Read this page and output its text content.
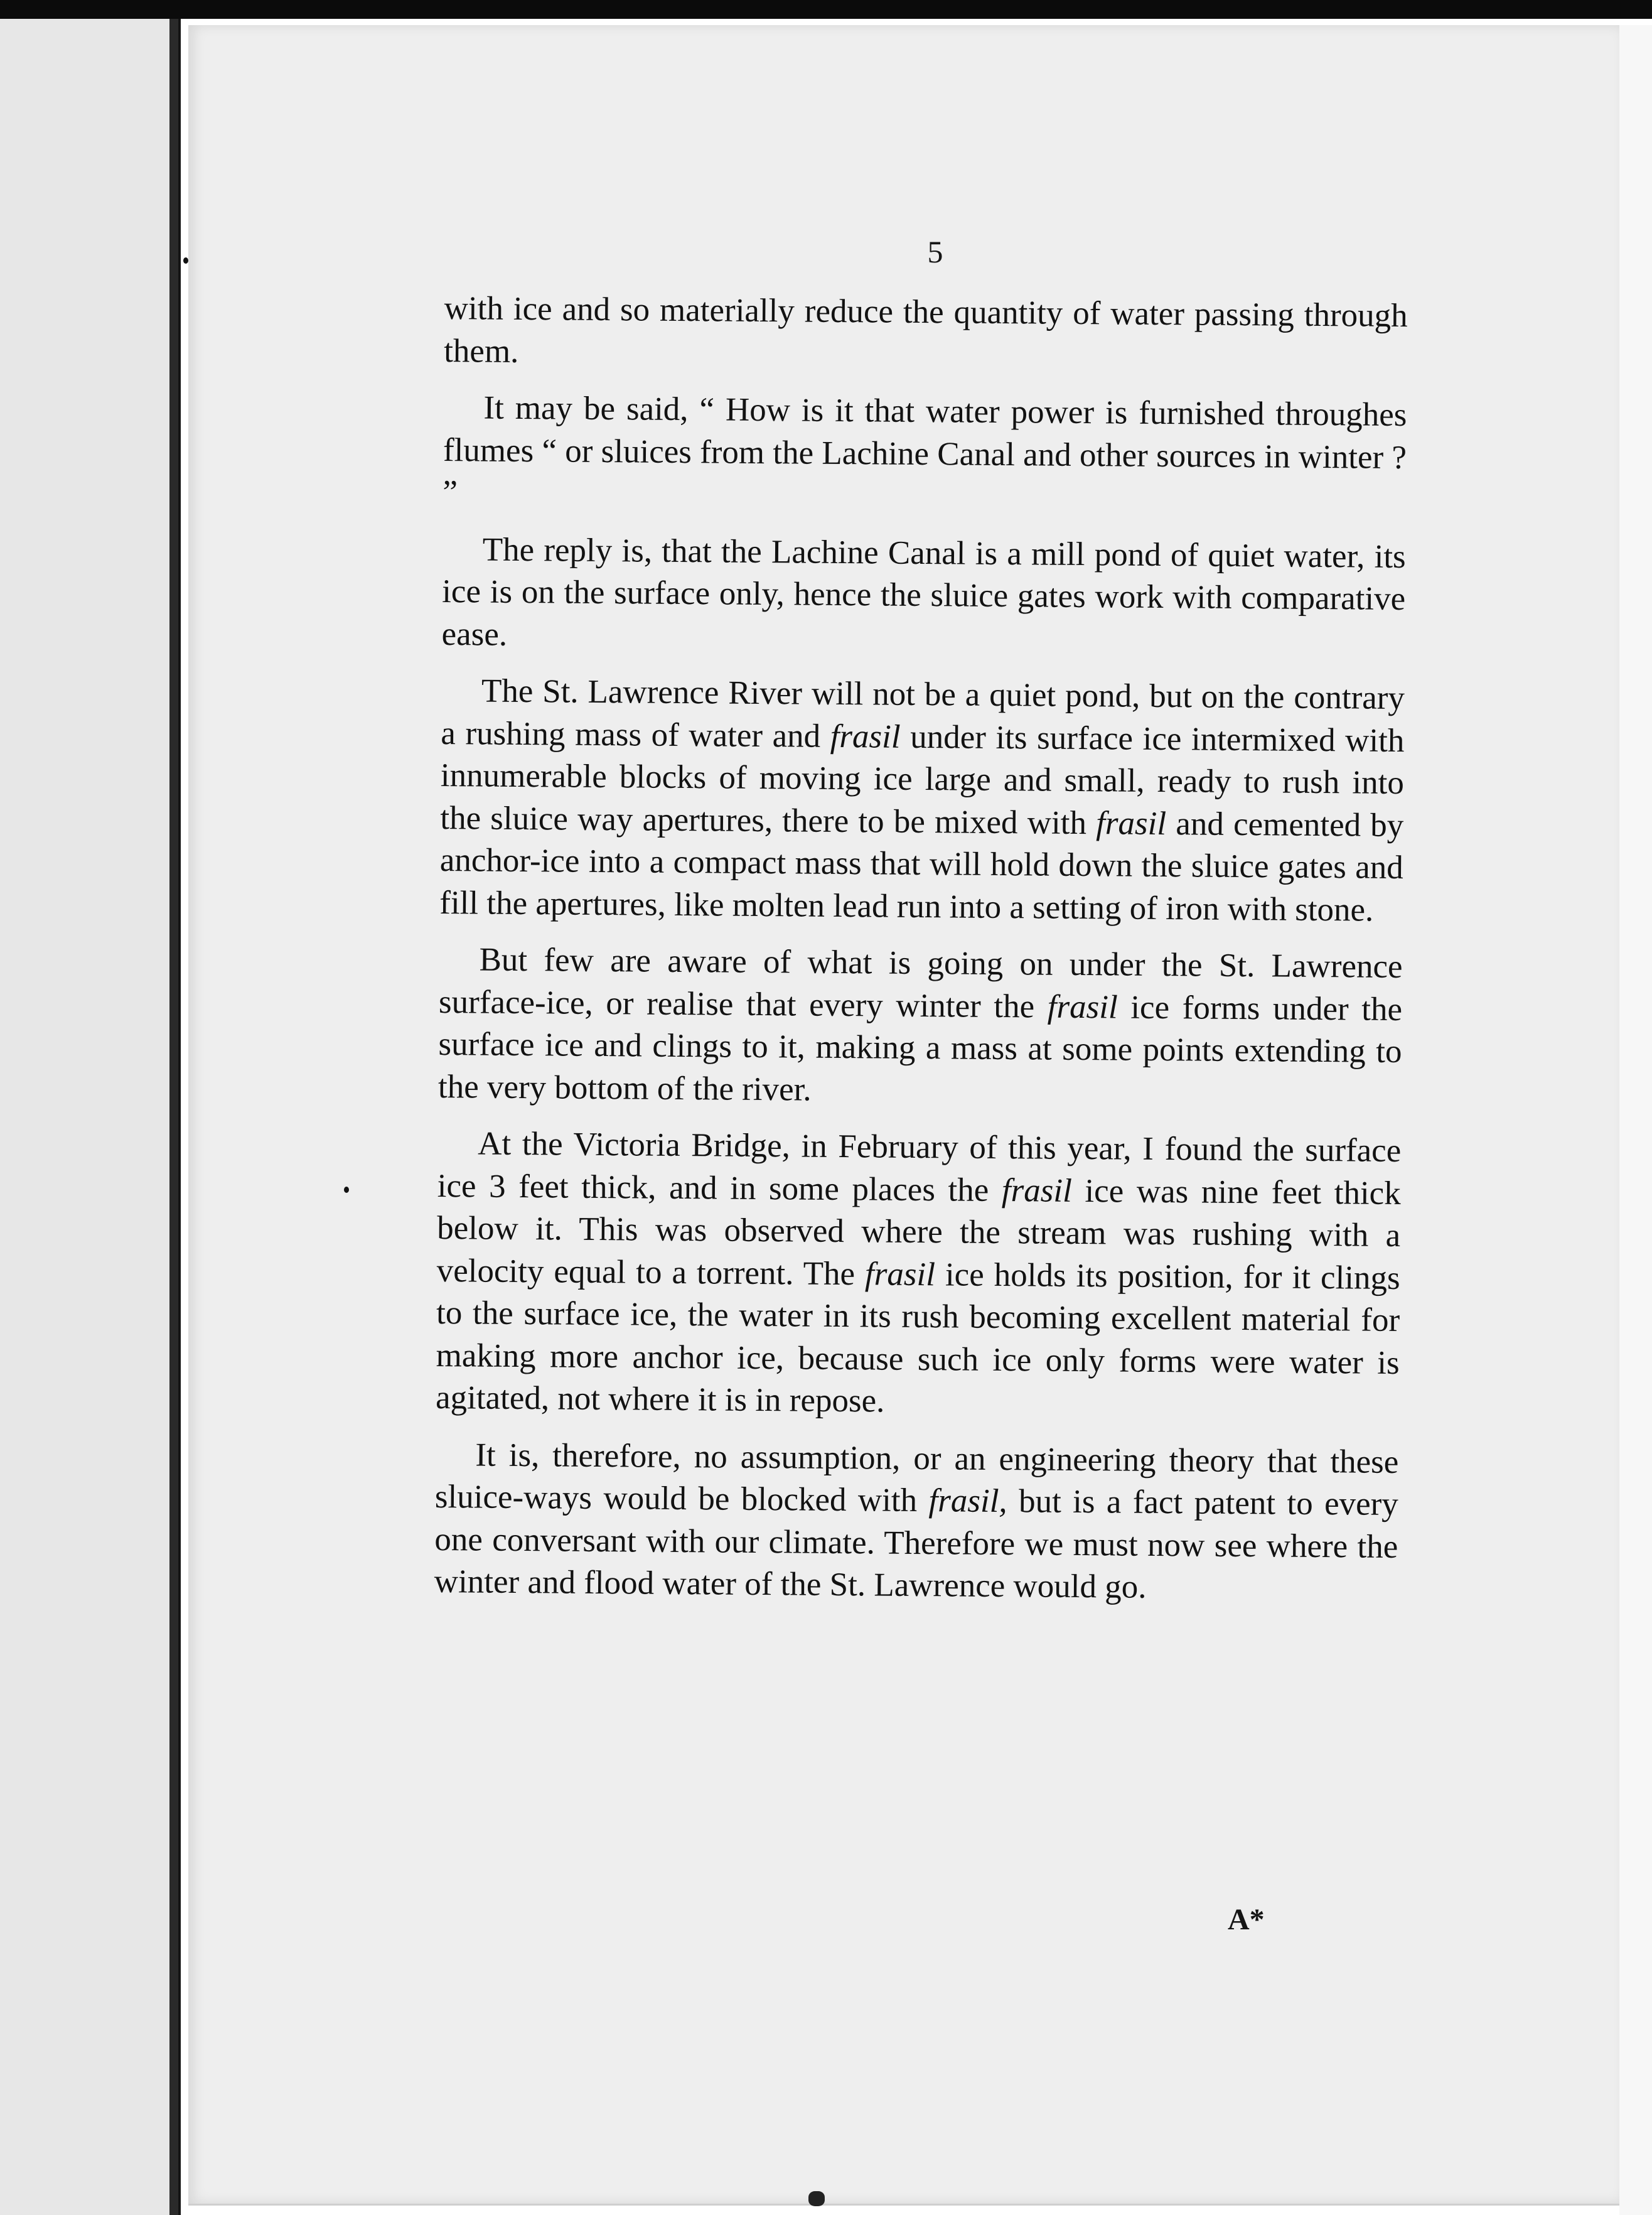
5

with ice and so materially reduce the quantity of water passing through them.

It may be said, “ How is it that water power is furnished throughes flumes “ or sluices from the Lachine Canal and other sources in winter ? ”

The reply is, that the Lachine Canal is a mill pond of quiet water, its ice is on the surface only, hence the sluice gates work with comparative ease.

The St. Lawrence River will not be a quiet pond, but on the contrary a rushing mass of water and frasil under its surface ice intermixed with innumerable blocks of moving ice large and small, ready to rush into the sluice way apertures, there to be mixed with frasil and cemented by anchor-ice into a compact mass that will hold down the sluice gates and fill the apertures, like molten lead run into a setting of iron with stone.

But few are aware of what is going on under the St. Lawrence surface-ice, or realise that every winter the frasil ice forms under the surface ice and clings to it, making a mass at some points extending to the very bottom of the river.

At the Victoria Bridge, in February of this year, I found the surface ice 3 feet thick, and in some places the frasil ice was nine feet thick below it. This was observed where the stream was rushing with a velocity equal to a torrent. The frasil ice holds its position, for it clings to the surface ice, the water in its rush becoming excellent material for making more anchor ice, because such ice only forms were water is agitated, not where it is in repose.

It is, therefore, no assumption, or an engineering theory that these sluice-ways would be blocked with frasil, but is a fact patent to every one conversant with our climate. Therefore we must now see where the winter and flood water of the St. Lawrence would go.

A*
